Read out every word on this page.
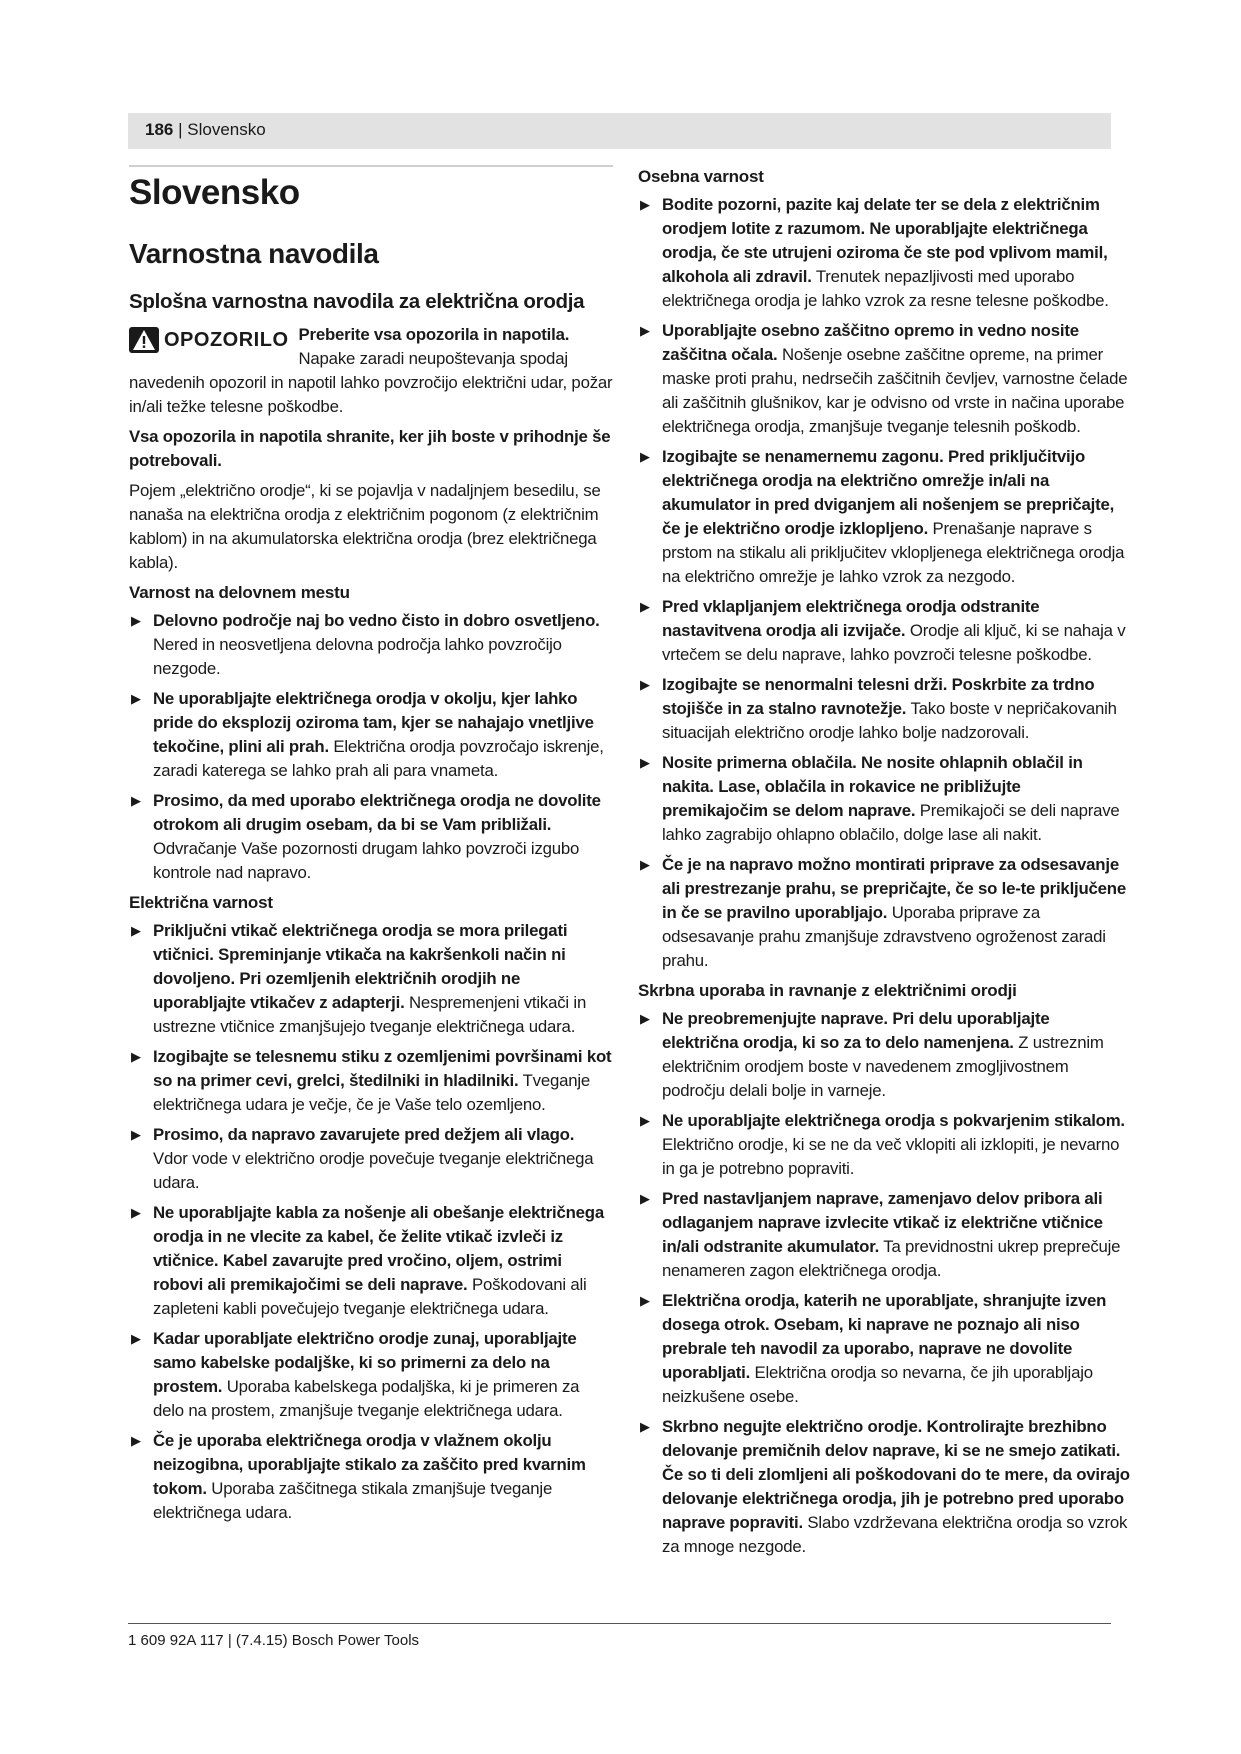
186 | Slovensko
Slovensko
Varnostna navodila
Splošna varnostna navodila za električna orodja
OPOZORILO Preberite vsa opozorila in napotila. Napake zaradi neupoštevanja spodaj navedenih opozoril in napotil lahko povzročijo električni udar, požar in/ali težke telesne poškodbe.

Vsa opozorila in napotila shranite, ker jih boste v prihodnje še potrebovali.

Pojem „električno orodje“, ki se pojavlja v nadaljnjem besedilu, se nanaša na električna orodja z električnim pogonom (z električnim kablom) in na akumulatorska električna orodja (brez električnega kabla).

Varnost na delovnem mestu
▶ Delovno področje naj bo vedno čisto in dobro osvetljeno. Nered in neosvetljena delovna področja lahko povzročijo nezgode.
▶ Ne uporabljajte električnega orodja v okolju, kjer lahko pride do eksplozij oziroma tam, kjer se nahajajo vnetljive tekočine, plini ali prah. Električna orodja povzročajo iskrenje, zaradi katerega se lahko prah ali para vnameta.
▶ Prosimo, da med uporabo električnega orodja ne dovolite otrokom ali drugim osebam, da bi se Vam približali. Odvračanje Vaše pozornosti drugam lahko povzroči izgubo kontrole nad napravo.
Električna varnost
▶ Priključni vtikač električnega orodja se mora prilegati vtičnici. Spreminjanje vtikača na kakršenkoli način ni dovoljeno. Pri ozemljenih električnih orodjih ne uporabljajte vtikačev z adapterji. Nespremenjeni vtikači in ustrezne vtičnice zmanjšujejo tveganje električnega udara.
▶ Izogibajte se telesnemu stiku z ozemljenimi površinami kot so na primer cevi, grelci, štedilniki in hladilniki. Tveganje električnega udara je večje, če je Vaše telo ozemljeno.
▶ Prosimo, da napravo zavarujete pred dežjem ali vlago. Vdor vode v električno orodje povečuje tveganje električnega udara.
▶ Ne uporabljajte kabla za nošenje ali obešanje električnega orodja in ne vlecite za kabel, če želite vtikač izvleči iz vtičnice. Kabel zavarujte pred vročino, oljem, ostrimi robovi ali premikajočimi se deli naprave. Poškodovani ali zapleteni kabli povečujejo tveganje električnega udara.
▶ Kadar uporabljate električno orodje zunaj, uporabljajte samo kabelske podaljške, ki so primerni za delo na prostem. Uporaba kabelskega podaljška, ki je primeren za delo na prostem, zmanjšuje tveganje električnega udara.
▶ Če je uporaba električnega orodja v vlažnem okolju neizogibna, uporabljajte stikalo za zaščito pred kvarnim tokom. Uporaba zaščitnega stikala zmanjšuje tveganje električnega udara.
Osebna varnost
▶ Bodite pozorni, pazite kaj delate ter se dela z električnim orodjem lotite z razumom. Ne uporabljajte električnega orodja, če ste utrujeni oziroma če ste pod vplivom mamil, alkohola ali zdravil. Trenutek nepazljivosti med uporabo električnega orodja je lahko vzrok za resne telesne poškodbe.
▶ Uporabljajte osebno zaščitno opremo in vedno nosite zaščitna očala. Nošenje osebne zaščitne opreme, na primer maske proti prahu, nedrsečih zaščitnih čevljev, varnostne čelade ali zaščitnih glušnikov, kar je odvisno od vrste in načina uporabe električnega orodja, zmanjšuje tveganje telesnih poškodb.
▶ Izogibajte se nenamernemu zagonu. Pred priključitvijo električnega orodja na električno omrežje in/ali na akumulator in pred dviganjem ali nošenjem se prepričajte, če je električno orodje izklopljeno. Prenašanje naprave s prstom na stikalu ali priključitev vklopljenega električnega orodja na električno omrežje je lahko vzrok za nezgodo.
▶ Pred vklapljanjem električnega orodja odstranite nastavitvena orodja ali izvijače. Orodje ali ključ, ki se nahaja v vrtečem se delu naprave, lahko povzroči telesne poškodbe.
▶ Izogibajte se nenormalni telesni drži. Poskrbite za trdno stojišče in za stalno ravnotežje. Tako boste v nepričakovanih situacijah električno orodje lahko bolje nadzorovali.
▶ Nosite primerna oblačila. Ne nosite ohlapnih oblačil in nakita. Lase, oblačila in rokavice ne približujte premikajočim se delom naprave. Premikajoči se deli naprave lahko zagrabijo ohlapno oblačilo, dolge lase ali nakit.
▶ Če je na napravo možno montirati priprave za odsesavanje ali prestrezanje prahu, se prepričajte, če so le-te priključene in če se pravilno uporabljajo. Uporaba priprave za odsesavanje prahu zmanjšuje zdravstveno ogroženost zaradi prahu.
Skrbna uporaba in ravnanje z električnimi orodji
▶ Ne preobremenjujte naprave. Pri delu uporabljajte električna orodja, ki so za to delo namenjena. Z ustreznim električnim orodjem boste v navedenem zmogljivostnem področju delali bolje in varneje.
▶ Ne uporabljajte električnega orodja s pokvarjenim stikalom. Električno orodje, ki se ne da več vklopiti ali izklopiti, je nevarno in ga je potrebno popraviti.
▶ Pred nastavljanjem naprave, zamenjavo delov pribora ali odlaganjem naprave izvlecite vtikač iz električne vtičnice in/ali odstranite akumulator. Ta previdnostni ukrep preprečuje nenameren zagon električnega orodja.
▶ Električna orodja, katerih ne uporabljate, shranjujte izven dosega otrok. Osebam, ki naprave ne poznajo ali niso prebrale teh navodil za uporabo, naprave ne dovolite uporabljati. Električna orodja so nevarna, če jih uporabljajo neizkušene osebe.
▶ Skrbno negujte električno orodje. Kontrolirajte brezhibno delovanje premičnih delov naprave, ki se ne smejo zatikati. Če so ti deli zlomljeni ali poškodovani do te mere, da ovirajo delovanje električnega orodja, jih je potrebno pred uporabo naprave popraviti. Slabo vzdrževana električna orodja so vzrok za mnoge nezgode.
1 609 92A 117 | (7.4.15) Bosch Power Tools
